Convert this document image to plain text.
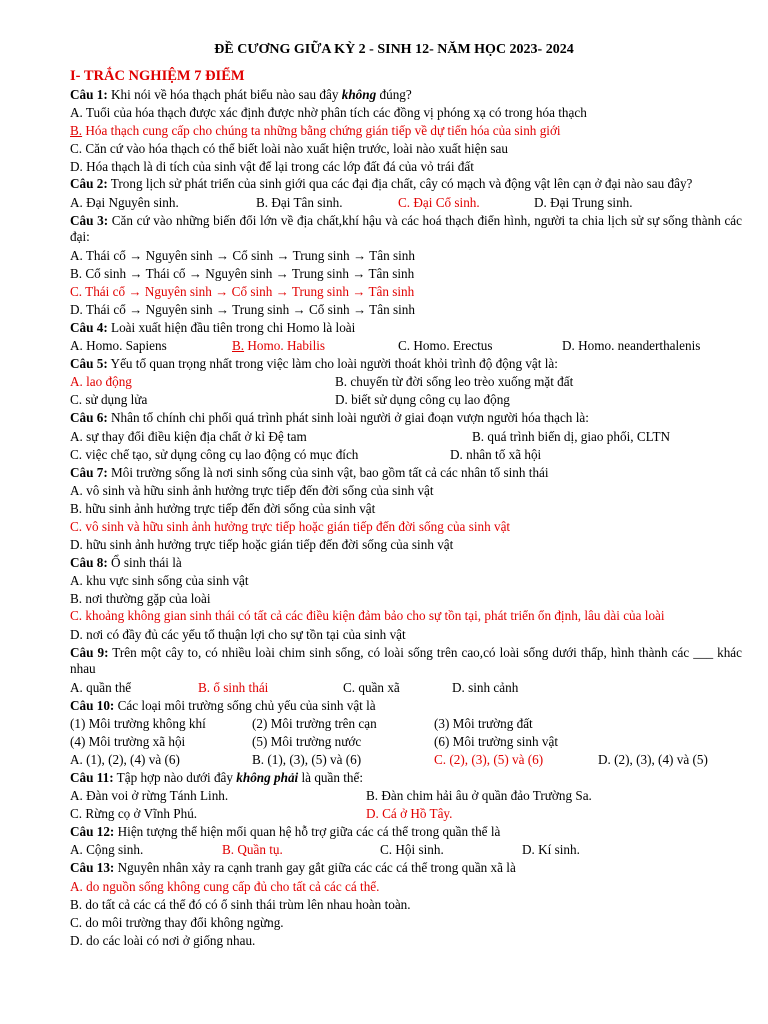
ĐỀ CƯƠNG GIỮA KỲ 2 - SINH 12- NĂM HỌC 2023- 2024
I- TRẮC NGHIỆM 7 ĐIỂM
Câu 1: Khi nói về hóa thạch phát biểu nào sau đây không đúng?
A. Tuổi của hóa thạch được xác định được nhờ phân tích các đồng vị phóng xạ có trong hóa thạch
B. Hóa thạch cung cấp cho chúng ta những bằng chứng gián tiếp về dự tiến hóa của sinh giới
C. Căn cứ vào hóa thạch có thể biết loài nào xuất hiện trước, loài nào xuất hiện sau
D. Hóa thạch là di tích của sinh vật để lại trong các lớp đất đá của vỏ trái đất
Câu 2: Trong lịch sử phát triển của sinh giới qua các đại địa chất, cây có mạch và động vật lên cạn ở đại nào sau đây?
A. Đại Nguyên sinh.	B. Đại Tân sinh.	C. Đại Cổ sinh.	D. Đại Trung sinh.
Câu 3: Căn cứ vào những biến đổi lớn về địa chất,khí hậu và các hoá thạch điển hình, người ta chia lịch sử sự sống thành các đại:
A. Thái cổ → Nguyên sinh → Cổ sinh → Trung sinh → Tân sinh
B. Cổ sinh → Thái cổ → Nguyên sinh → Trung sinh → Tân sinh
C. Thái cổ → Nguyên sinh → Cổ sinh → Trung sinh → Tân sinh
D. Thái cổ → Nguyên sinh → Trung sinh → Cổ sinh → Tân sinh
Câu 4: Loài xuất hiện đầu tiên trong chi Homo là loài
A. Homo. Sapiens	B. Homo. Habilis	C. Homo. Erectus	D. Homo. neanderthalenis
Câu 5: Yếu tố quan trọng nhất trong việc làm cho loài người thoát khỏi trình độ động vật là:
A. lao động	B. chuyển từ đời sống leo trèo xuống mặt đất
C. sử dụng lửa	D. biết sử dụng công cụ lao động
Câu 6: Nhân tố chính chi phối quá trình phát sinh loài người ở giai đoạn vượn người hóa thạch là:
A. sự thay đổi điều kiện địa chất ở kỉ Đệ tam	B. quá trình biến dị, giao phối, CLTN
C. việc chế tạo, sử dụng công cụ lao động có mục đích	D. nhân tố xã hội
Câu 7: Môi trường sống là nơi sinh sống của sinh vật, bao gồm tất cả các nhân tố sinh thái
A. vô sinh và hữu sinh ảnh hưởng trực tiếp đến đời sống của sinh vật
B. hữu sinh ảnh hưởng trực tiếp đến đời sống của sinh vật
C. vô sinh và hữu sinh ảnh hưởng trực tiếp hoặc gián tiếp đến đời sống của sinh vật
D. hữu sinh ảnh hưởng trực tiếp hoặc gián tiếp đến đời sống của sinh vật
Câu 8: Ổ sinh thái là
A. khu vực sinh sống của sinh vật
B. nơi thường gặp của loài
C. khoảng không gian sinh thái có tất cả các điều kiện đảm bảo cho sự tồn tại, phát triển ổn định, lâu dài của loài
D. nơi có đầy đủ các yếu tố thuận lợi cho sự tồn tại của sinh vật
Câu 9: Trên một cây to, có nhiều loài chim sinh sống, có loài sống trên cao,có loài sống dưới thấp, hình thành các ___ khác nhau
A. quần thể	B. ổ sinh thái	C. quần xã	D. sinh cảnh
Câu 10: Các loại môi trường sống chủ yếu của sinh vật là
(1) Môi trường không khí	(2) Môi trường trên cạn	(3) Môi trường đất
(4) Môi trường xã hội	(5) Môi trường nước	(6) Môi trường sinh vật
A. (1), (2), (4) và (6)	B. (1), (3), (5) và (6)	C. (2), (3), (5) và (6)	D. (2), (3), (4) và (5)
Câu 11: Tập hợp nào dưới đây không phải là quần thể:
A. Đàn voi ở rừng Tánh Linh.	B. Đàn chim hải âu ở quần đảo Trường Sa.
C. Rừng cọ ở Vĩnh Phú.	D. Cá ở Hồ Tây.
Câu 12: Hiện tượng thể hiện mối quan hệ hỗ trợ giữa các cá thể trong quần thể là
A. Cộng sinh.	B. Quần tụ.	C. Hội sinh.	D. Kí sinh.
Câu 13: Nguyên nhân xảy ra cạnh tranh gay gắt giữa các các cá thể trong quần xã là
A. do nguồn sống không cung cấp đủ cho tất cả các cá thể.
B. do tất cả các cá thể đó có ổ sinh thái trùm lên nhau hoàn toàn.
C. do môi trường thay đổi không ngừng.
D. do các loài có nơi ở giống nhau.
